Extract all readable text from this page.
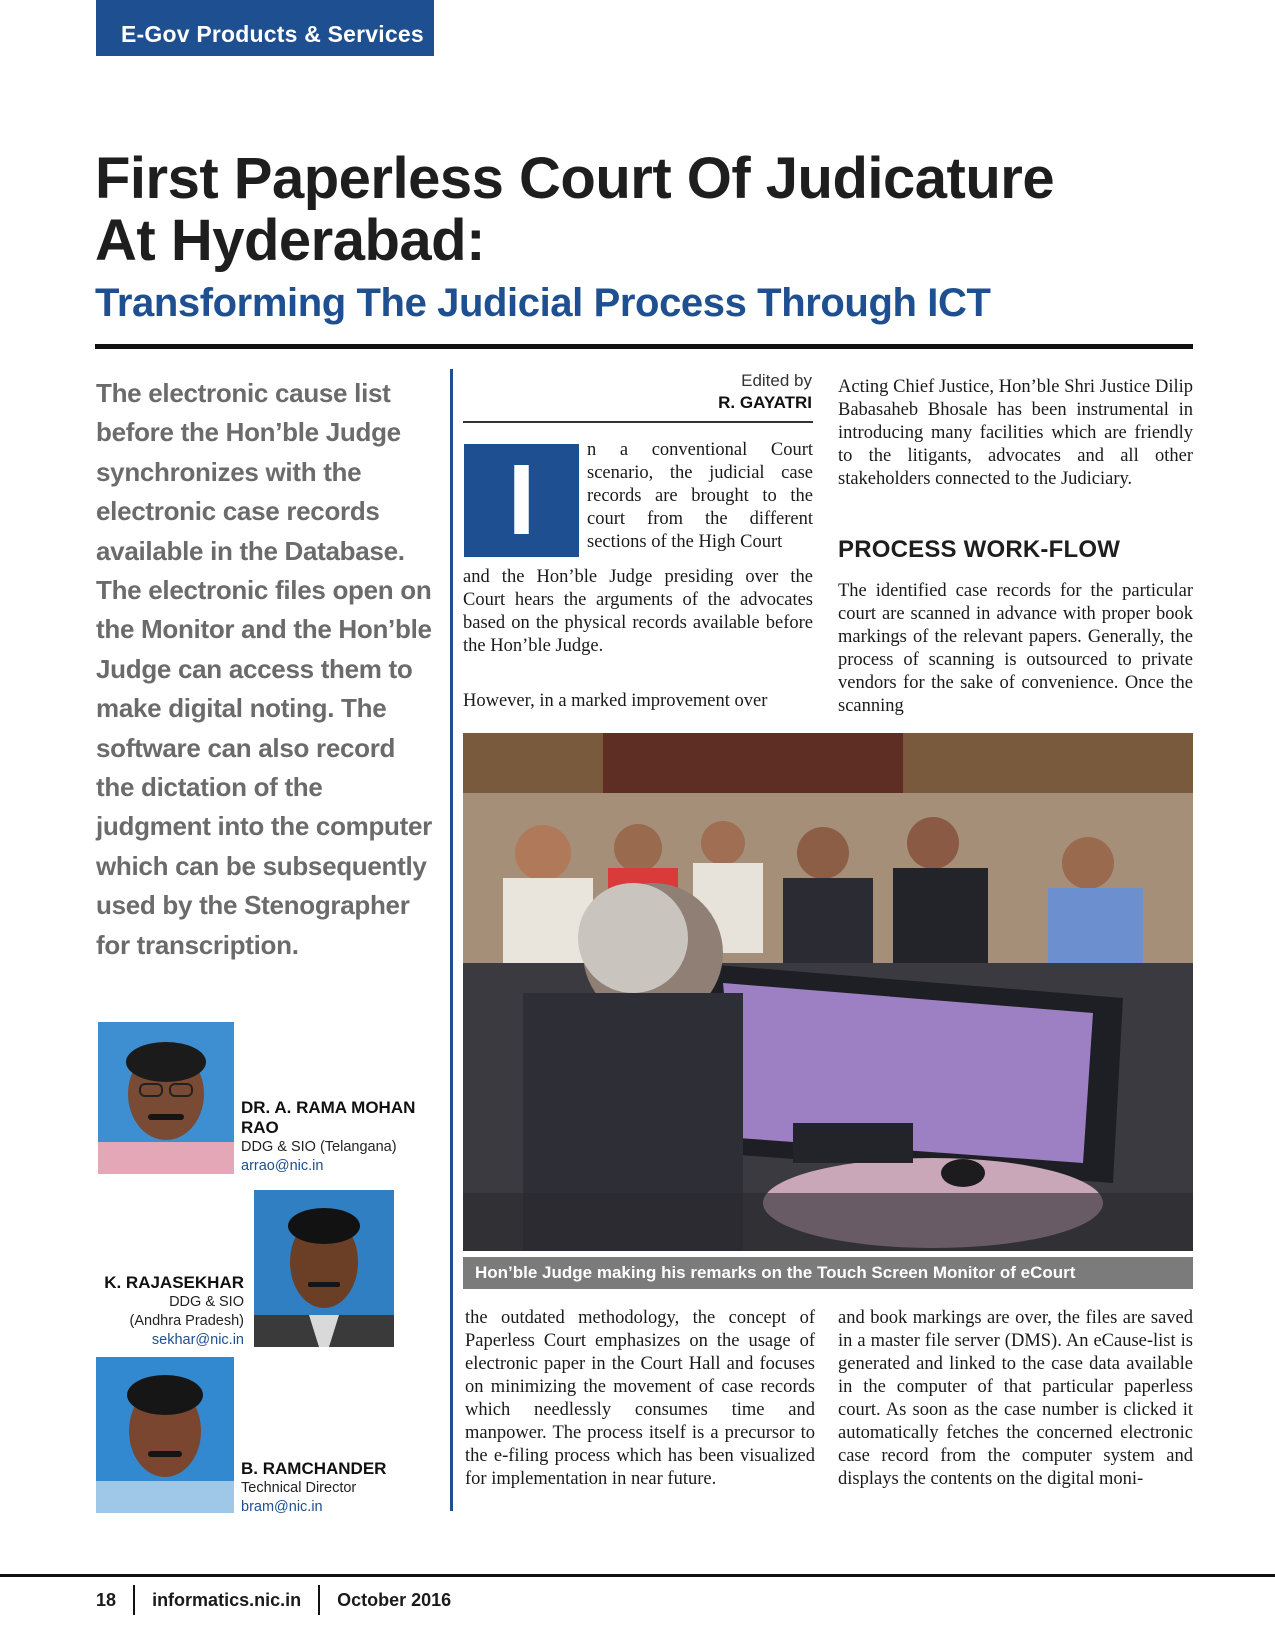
E-Gov Products & Services
First Paperless Court Of Judicature
At Hyderabad:
Transforming The Judicial Process Through ICT
The electronic cause list before the Hon’ble Judge synchronizes with the electronic case records available in the Database. The electronic files open on the Monitor and the Hon’ble Judge can access them to make digital noting. The software can also record the dictation of the judgment into the computer which can be subsequently used by the Stenographer for transcription.
Edited by
R. GAYATRI
I	n a conventional Court scenario, the judicial case records are brought to the court from the different sections of the High Court

and the Hon’ble Judge presiding over the Court hears the arguments of the advocates based on the physical records available before the Hon’ble Judge.

However, in a marked improvement over
Acting Chief Justice, Hon’ble Shri Justice Dilip Babasaheb Bhosale has been instrumental in introducing many facilities which are friendly to the litigants, advocates and all other stakeholders connected to the Judiciary.
PROCESS WORK-FLOW
The identified case records for the particular court are scanned in advance with proper book markings of the relevant papers. Generally, the process of scanning is outsourced to private vendors for the sake of convenience. Once the scanning
Hon’ble Judge making his remarks on the Touch Screen Monitor of eCourt
the outdated methodology, the concept of Paperless Court emphasizes on the usage of electronic paper in the Court Hall and focuses on minimizing the movement of case records which needlessly consumes time and manpower. The process itself is a precursor to the e-filing process which has been visualized for implementation in near future.
and book markings are over, the files are saved in a master file server (DMS). An eCause-list is generated and linked to the case data available in the computer of that particular paperless court. As soon as the case number is clicked it automatically fetches the concerned electronic case record from the computer system and displays the contents on the digital moni-
DR. A. RAMA MOHAN RAO
DDG & SIO (Telangana)
arrao@nic.in
K. RAJASEKHAR
DDG & SIO
(Andhra Pradesh)
sekhar@nic.in
B. RAMCHANDER
Technical Director
bram@nic.in
18 informatics.nic.in October 2016
